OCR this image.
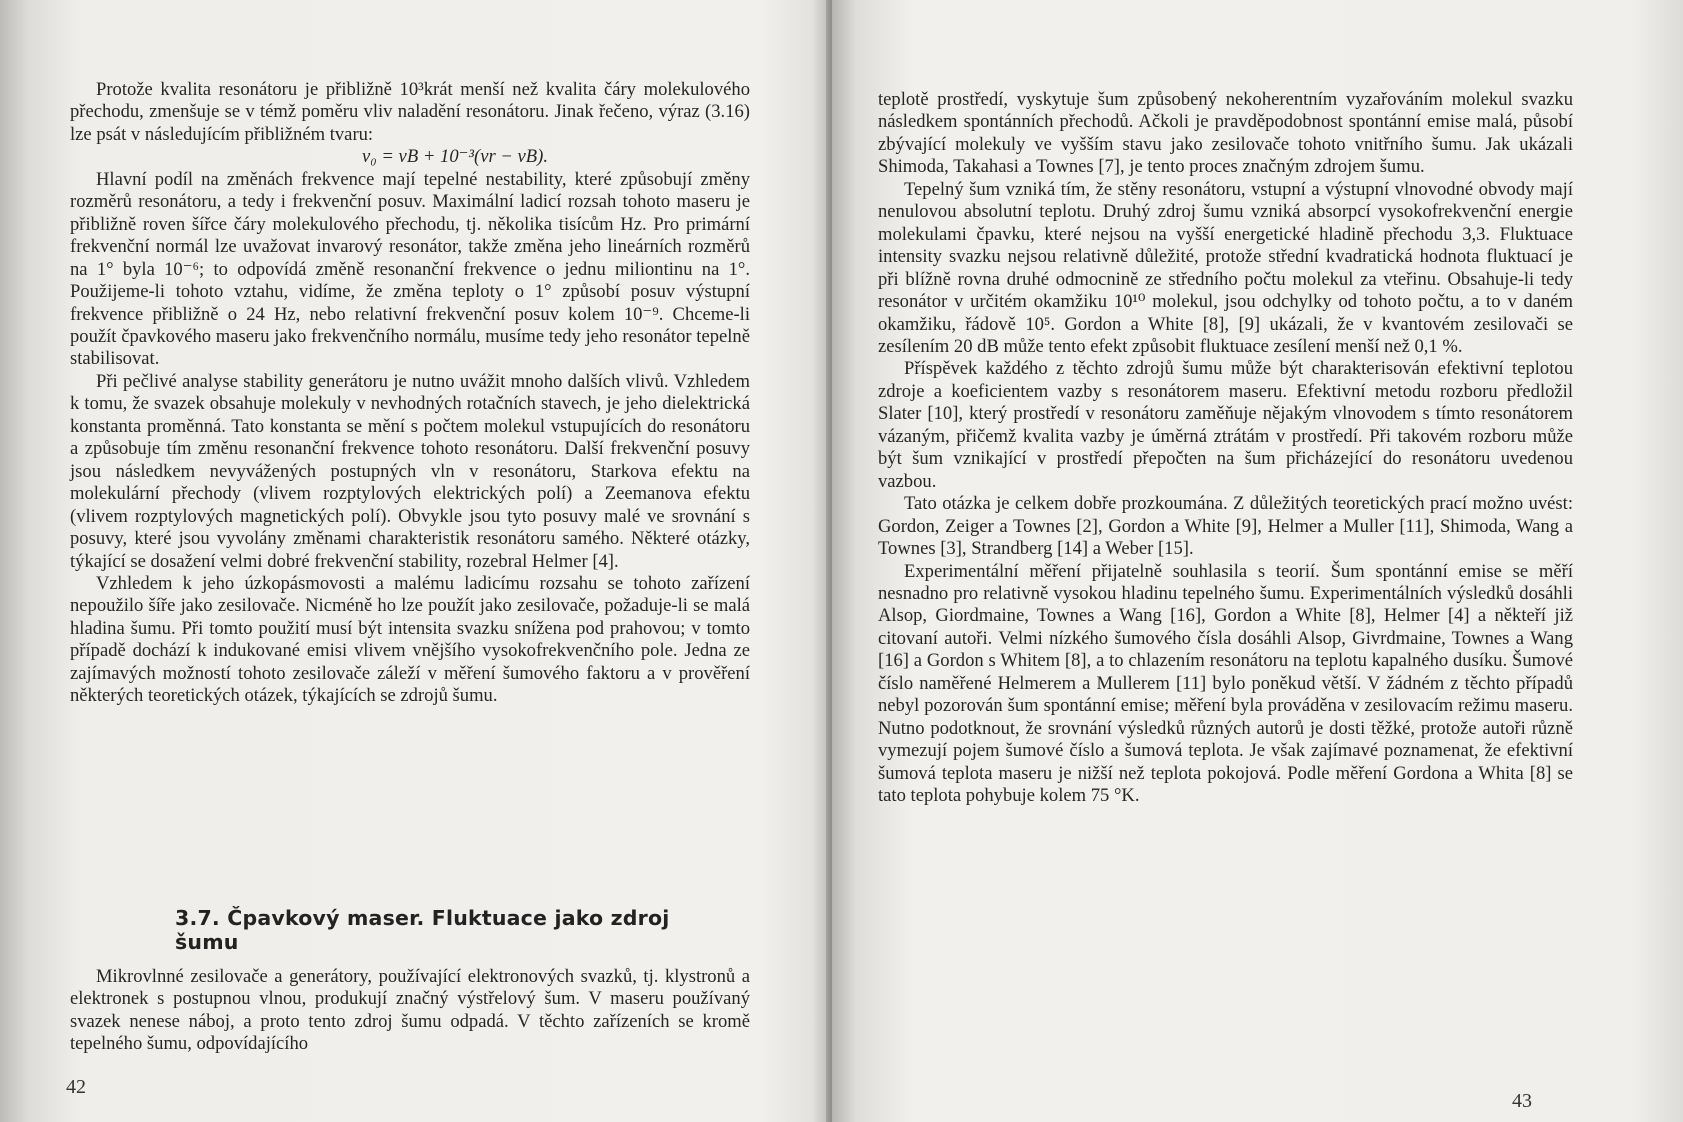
Protože kvalita resonátoru je přibližně 10³krát menší než kvalita čáry molekulového přechodu, zmenšuje se v témž poměru vliv naladění resonátoru. Jinak řečeno, výraz (3.16) lze psát v následujícím přibližném tvaru:

ν₀ = νB + 10⁻³(νr − νB).

Hlavní podíl na změnách frekvence mají tepelné nestability, které způsobují změny rozměrů resonátoru, a tedy i frekvenční posuv. Maximální ladicí rozsah tohoto maseru je přibližně roven šířce čáry molekulového přechodu, tj. několika tisícům Hz. Pro primární frekvenční normál lze uvažovat invarový resonátor, takže změna jeho lineárních rozměrů na 1° byla 10⁻⁶; to odpovídá změně resonanční frekvence o jednu miliontinu na 1°. Použijeme-li tohoto vztahu, vidíme, že změna teploty o 1° způsobí posuv výstupní frekvence přibližně o 24 Hz, nebo relativní frekvenční posuv kolem 10⁻⁹. Chceme-li použít čpavkového maseru jako frekvenčního normálu, musíme tedy jeho resonátor tepelně stabilisovat.

Při pečlivé analyse stability generátoru je nutno uvážit mnoho dalších vlivů. Vzhledem k tomu, že svazek obsahuje molekuly v nevhodných rotačních stavech, je jeho dielektrická konstanta proměnná. Tato konstanta se mění s počtem molekul vstupujících do resonátoru a způsobuje tím změnu resonanční frekvence tohoto resonátoru. Další frekvenční posuvy jsou následkem nevyvážených postupných vln v resonátoru, Starkova efektu na molekulární přechody (vlivem rozptylových elektrických polí) a Zeemanova efektu (vlivem rozptylových magnetických polí). Obvykle jsou tyto posuvy malé ve srovnání s posuvy, které jsou vyvolány změnami charakteristik resonátoru samého. Některé otázky, týkající se dosažení velmi dobré frekvenční stability, rozebral Helmer [4].

Vzhledem k jeho úzkopásmovosti a malému ladicímu rozsahu se tohoto zařízení nepoužilo šíře jako zesilovače. Nicméně ho lze použít jako zesilovače, požaduje-li se malá hladina šumu. Při tomto použití musí být intensita svazku snížena pod prahovou; v tomto případě dochází k indukované emisi vlivem vnějšího vysokofrekvenčního pole. Jedna ze zajímavých možností tohoto zesilovače záleží v měření šumového faktoru a v prověření některých teoretických otázek, týkajících se zdrojů šumu.

3.7. Čpavkový maser. Fluktuace jako zdroj šumu

Mikrovlnné zesilovače a generátory, používající elektronových svazků, tj. klystronů a elektronek s postupnou vlnou, produkují značný výstřelový šum. V maseru používaný svazek nenese náboj, a proto tento zdroj šumu odpadá. V těchto zařízeních se kromě tepelného šumu, odpovídajícího

42

teplotě prostředí, vyskytuje šum způsobený nekoherentním vyzařováním molekul svazku následkem spontánních přechodů. Ačkoli je pravděpodobnost spontánní emise malá, působí zbývající molekuly ve vyšším stavu jako zesilovače tohoto vnitřního šumu. Jak ukázali Shimoda, Takahasi a Townes [7], je tento proces značným zdrojem šumu.

Tepelný šum vzniká tím, že stěny resonátoru, vstupní a výstupní vlnovodné obvody mají nenulovou absolutní teplotu. Druhý zdroj šumu vzniká absorpcí vysokofrekvenční energie molekulami čpavku, které nejsou na vyšší energetické hladině přechodu 3,3. Fluktuace intensity svazku nejsou relativně důležité, protože střední kvadratická hodnota fluktuací je při blížně rovna druhé odmocnině ze středního počtu molekul za vteřinu. Obsahuje-li tedy resonátor v určitém okamžiku 10¹⁰ molekul, jsou odchylky od tohoto počtu, a to v daném okamžiku, řádově 10⁵. Gordon a White [8], [9] ukázali, že v kvantovém zesilovači se zesílením 20 dB může tento efekt způsobit fluktuace zesílení menší než 0,1 %.

Příspěvek každého z těchto zdrojů šumu může být charakterisován efektivní teplotou zdroje a koeficientem vazby s resonátorem maseru. Efektivní metodu rozboru předložil Slater [10], který prostředí v resonátoru zaměňuje nějakým vlnovodem s tímto resonátorem vázaným, přičemž kvalita vazby je úměrná ztrátám v prostředí. Při takovém rozboru může být šum vznikající v prostředí přepočten na šum přicházející do resonátoru uvedenou vazbou.

Tato otázka je celkem dobře prozkoumána. Z důležitých teoretických prací možno uvést: Gordon, Zeiger a Townes [2], Gordon a White [9], Helmer a Muller [11], Shimoda, Wang a Townes [3], Strandberg [14] a Weber [15].

Experimentální měření přijatelně souhlasila s teorií. Šum spontánní emise se měří nesnadno pro relativně vysokou hladinu tepelného šumu. Experimentálních výsledků dosáhli Alsop, Giordmaine, Townes a Wang [16], Gordon a White [8], Helmer [4] a někteří již citovaní autoři. Velmi nízkého šumového čísla dosáhli Alsop, Givrdmaine, Townes a Wang [16] a Gordon s Whitem [8], a to chlazením resonátoru na teplotu kapalného dusíku. Šumové číslo naměřené Helmerem a Mullerem [11] bylo poněkud větší. V žádném z těchto případů nebyl pozorován šum spontánní emise; měření byla prováděna v zesilovacím režimu maseru. Nutno podotknout, že srovnání výsledků různých autorů je dosti těžké, protože autoři různě vymezují pojem šumové číslo a šumová teplota. Je však zajímavé poznamenat, že efektivní šumová teplota maseru je nižší než teplota pokojová. Podle měření Gordona a Whita [8] se tato teplota pohybuje kolem 75 °K.

43
